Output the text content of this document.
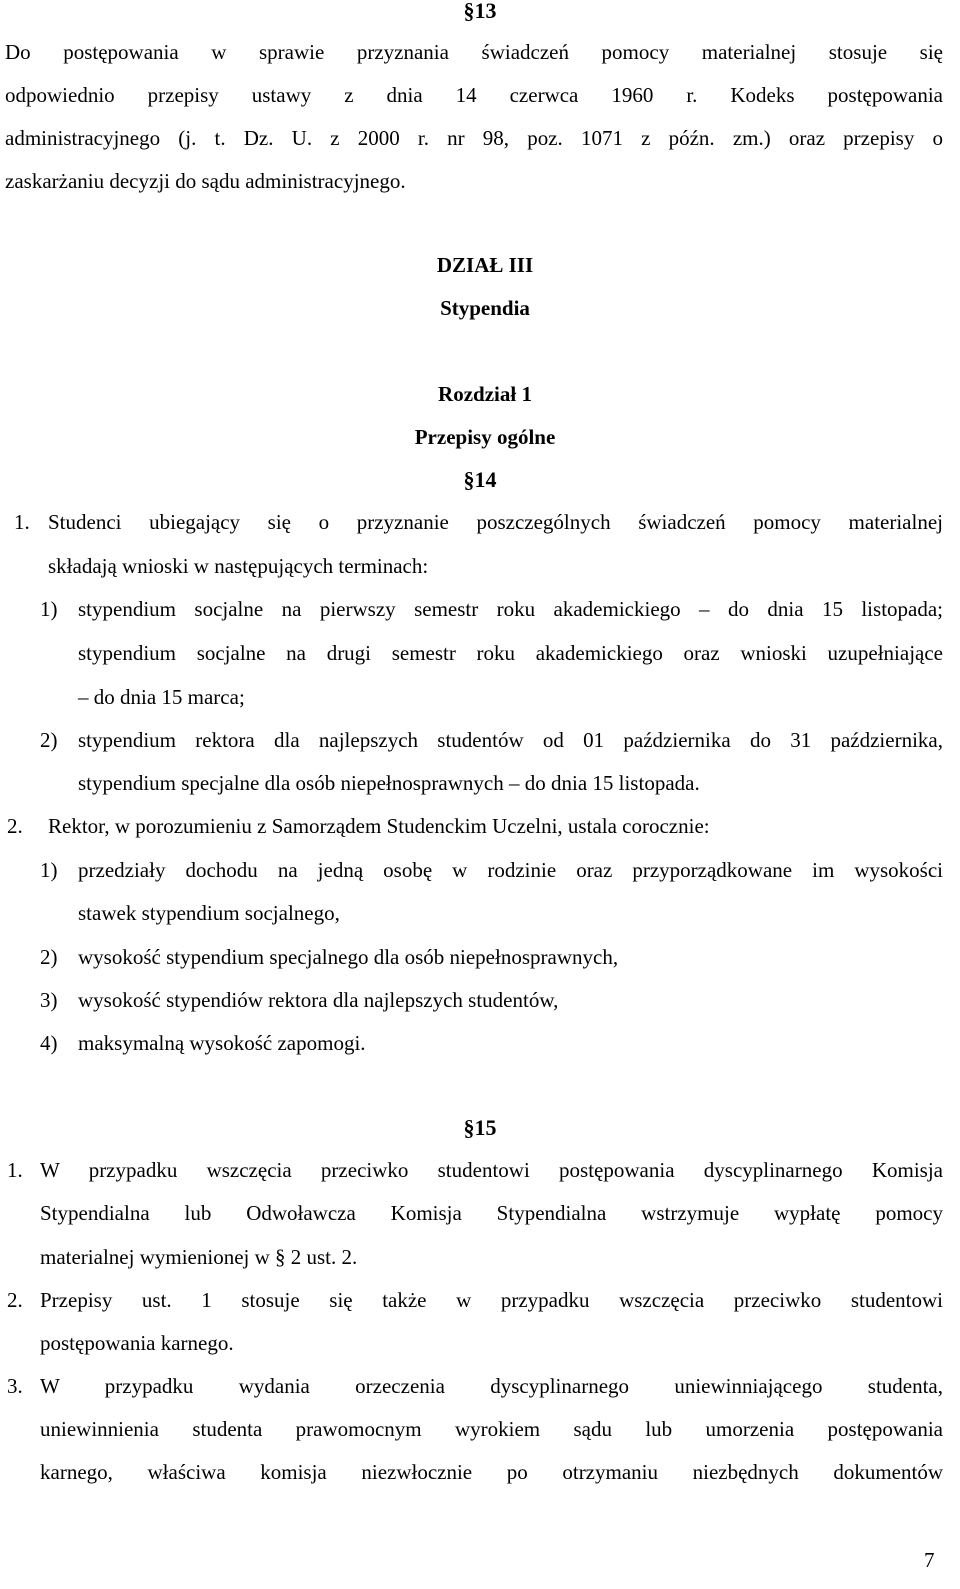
§13
Do postępowania w sprawie przyznania świadczeń pomocy materialnej stosuje się
odpowiednio przepisy ustawy z dnia 14 czerwca 1960 r. Kodeks postępowania
administracyjnego (j. t. Dz. U. z 2000 r. nr 98, poz. 1071 z późn. zm.) oraz przepisy o
zaskarżaniu decyzji do sądu administracyjnego.
DZIAŁ III
Stypendia
Rozdział 1
Przepisy ogólne
§14
1. Studenci ubiegający się o przyznanie poszczególnych świadczeń pomocy materialnej
składają wnioski w następujących terminach:
1) stypendium socjalne na pierwszy semestr roku akademickiego – do dnia 15 listopada;
stypendium socjalne na drugi semestr roku akademickiego oraz wnioski uzupełniające
– do dnia 15 marca;
2) stypendium rektora dla najlepszych studentów od 01 października do 31 października,
stypendium specjalne dla osób niepełnosprawnych – do dnia 15 listopada.
2. Rektor, w porozumieniu z Samorządem Studenckim Uczelni, ustala corocznie:
1) przedziały dochodu na jedną osobę w rodzinie oraz przyporządkowane im wysokości
stawek stypendium socjalnego,
2) wysokość stypendium specjalnego dla osób niepełnosprawnych,
3) wysokość stypendiów rektora dla najlepszych studentów,
4) maksymalną wysokość zapomogi.
§15
1. W przypadku wszczęcia przeciwko studentowi postępowania dyscyplinarnego Komisja
Stypendialna lub Odwoławcza Komisja Stypendialna wstrzymuje wypłatę pomocy
materialnej wymienionej w § 2 ust. 2.
2. Przepisy ust. 1 stosuje się także w przypadku wszczęcia przeciwko studentowi
postępowania karnego.
3. W przypadku wydania orzeczenia dyscyplinarnego uniewinniającego studenta,
uniewinnienia studenta prawomocnym wyrokiem sądu lub umorzenia postępowania
karnego, właściwa komisja niezwłocznie po otrzymaniu niezbędnych dokumentów
7
